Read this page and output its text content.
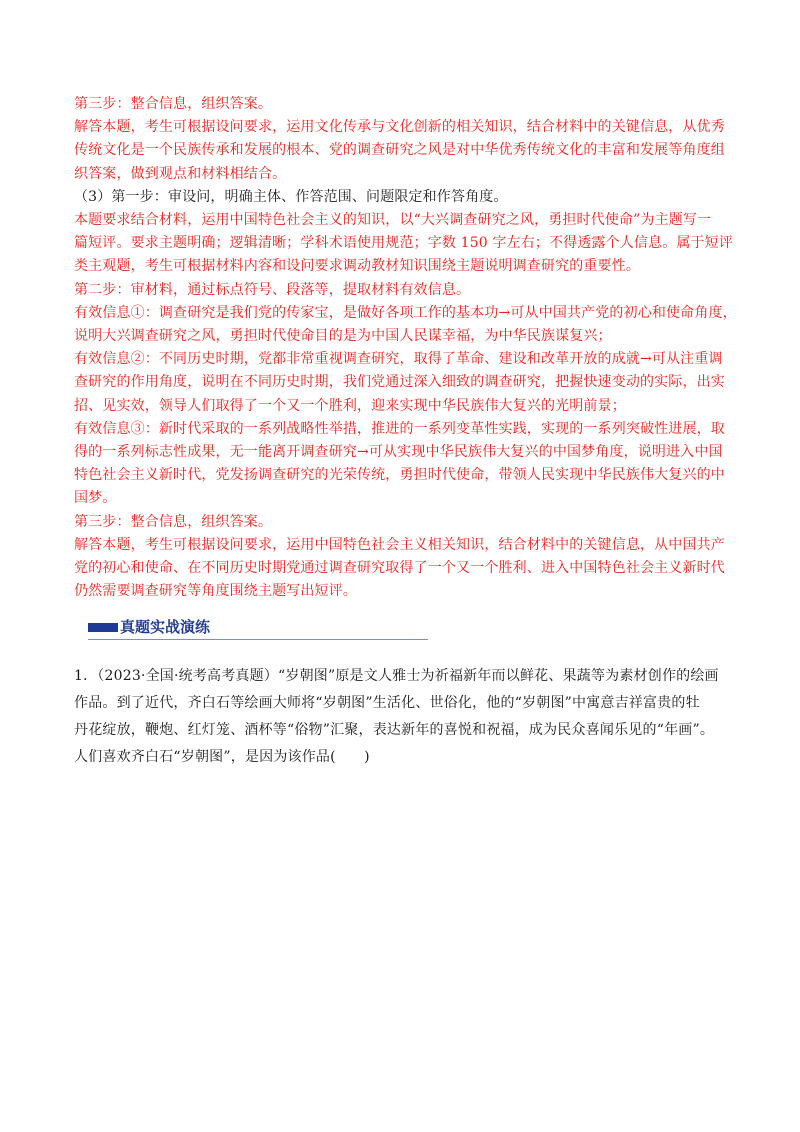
第三步：整合信息，组织答案。
解答本题，考生可根据设问要求，运用文化传承与文化创新的相关知识，结合材料中的关键信息，从优秀
传统文化是一个民族传承和发展的根本、党的调查研究之风是对中华优秀传统文化的丰富和发展等角度组
织答案，做到观点和材料相结合。
（3）第一步：审设问，明确主体、作答范围、问题限定和作答角度。
本题要求结合材料，运用中国特色社会主义的知识，以“大兴调查研究之风，勇担时代使命”为主题写一
篇短评。要求主题明确；逻辑清晰；学科术语使用规范；字数 150 字左右；不得透露个人信息。属于短评
类主观题，考生可根据材料内容和设问要求调动教材知识围绕主题说明调查研究的重要性。
第二步：审材料，通过标点符号、段落等，提取材料有效信息。
有效信息①：调查研究是我们党的传家宝，是做好各项工作的基本功→可从中国共产党的初心和使命角度，
说明大兴调查研究之风，勇担时代使命目的是为中国人民谋幸福，为中华民族谋复兴；
有效信息②：不同历史时期，党都非常重视调查研究，取得了革命、建设和改革开放的成就→可从注重调
查研究的作用角度，说明在不同历史时期，我们党通过深入细致的调查研究，把握快速变动的实际，出实
招、见实效，领导人们取得了一个又一个胜利，迎来实现中华民族伟大复兴的光明前景；
有效信息③：新时代采取的一系列战略性举措，推进的一系列变革性实践，实现的一系列突破性进展，取
得的一系列标志性成果，无一能离开调查研究→可从实现中华民族伟大复兴的中国梦角度，说明进入中国
特色社会主义新时代，党发扬调查研究的光荣传统，勇担时代使命，带领人民实现中华民族伟大复兴的中
国梦。
第三步：整合信息，组织答案。
解答本题，考生可根据设问要求，运用中国特色社会主义相关知识，结合材料中的关键信息，从中国共产
党的初心和使命、在不同历史时期党通过调查研究取得了一个又一个胜利、进入中国特色社会主义新时代
仍然需要调查研究等角度围绕主题写出短评。
真题实战演练
1．（2023·全国·统考高考真题）“岁朝图”原是文人雅士为祈福新年而以鲜花、果蔬等为素材创作的绘画
作品。到了近代，齐白石等绘画大师将“岁朝图”生活化、世俗化，他的“岁朝图”中寓意吉祥富贵的牡
丹花绽放，鞭炮、红灯笼、酒杯等“俗物”汇聚，表达新年的喜悦和祝福，成为民众喜闻乐见的“年画”。
人们喜欢齐白石“岁朝图”，是因为该作品(　　)
